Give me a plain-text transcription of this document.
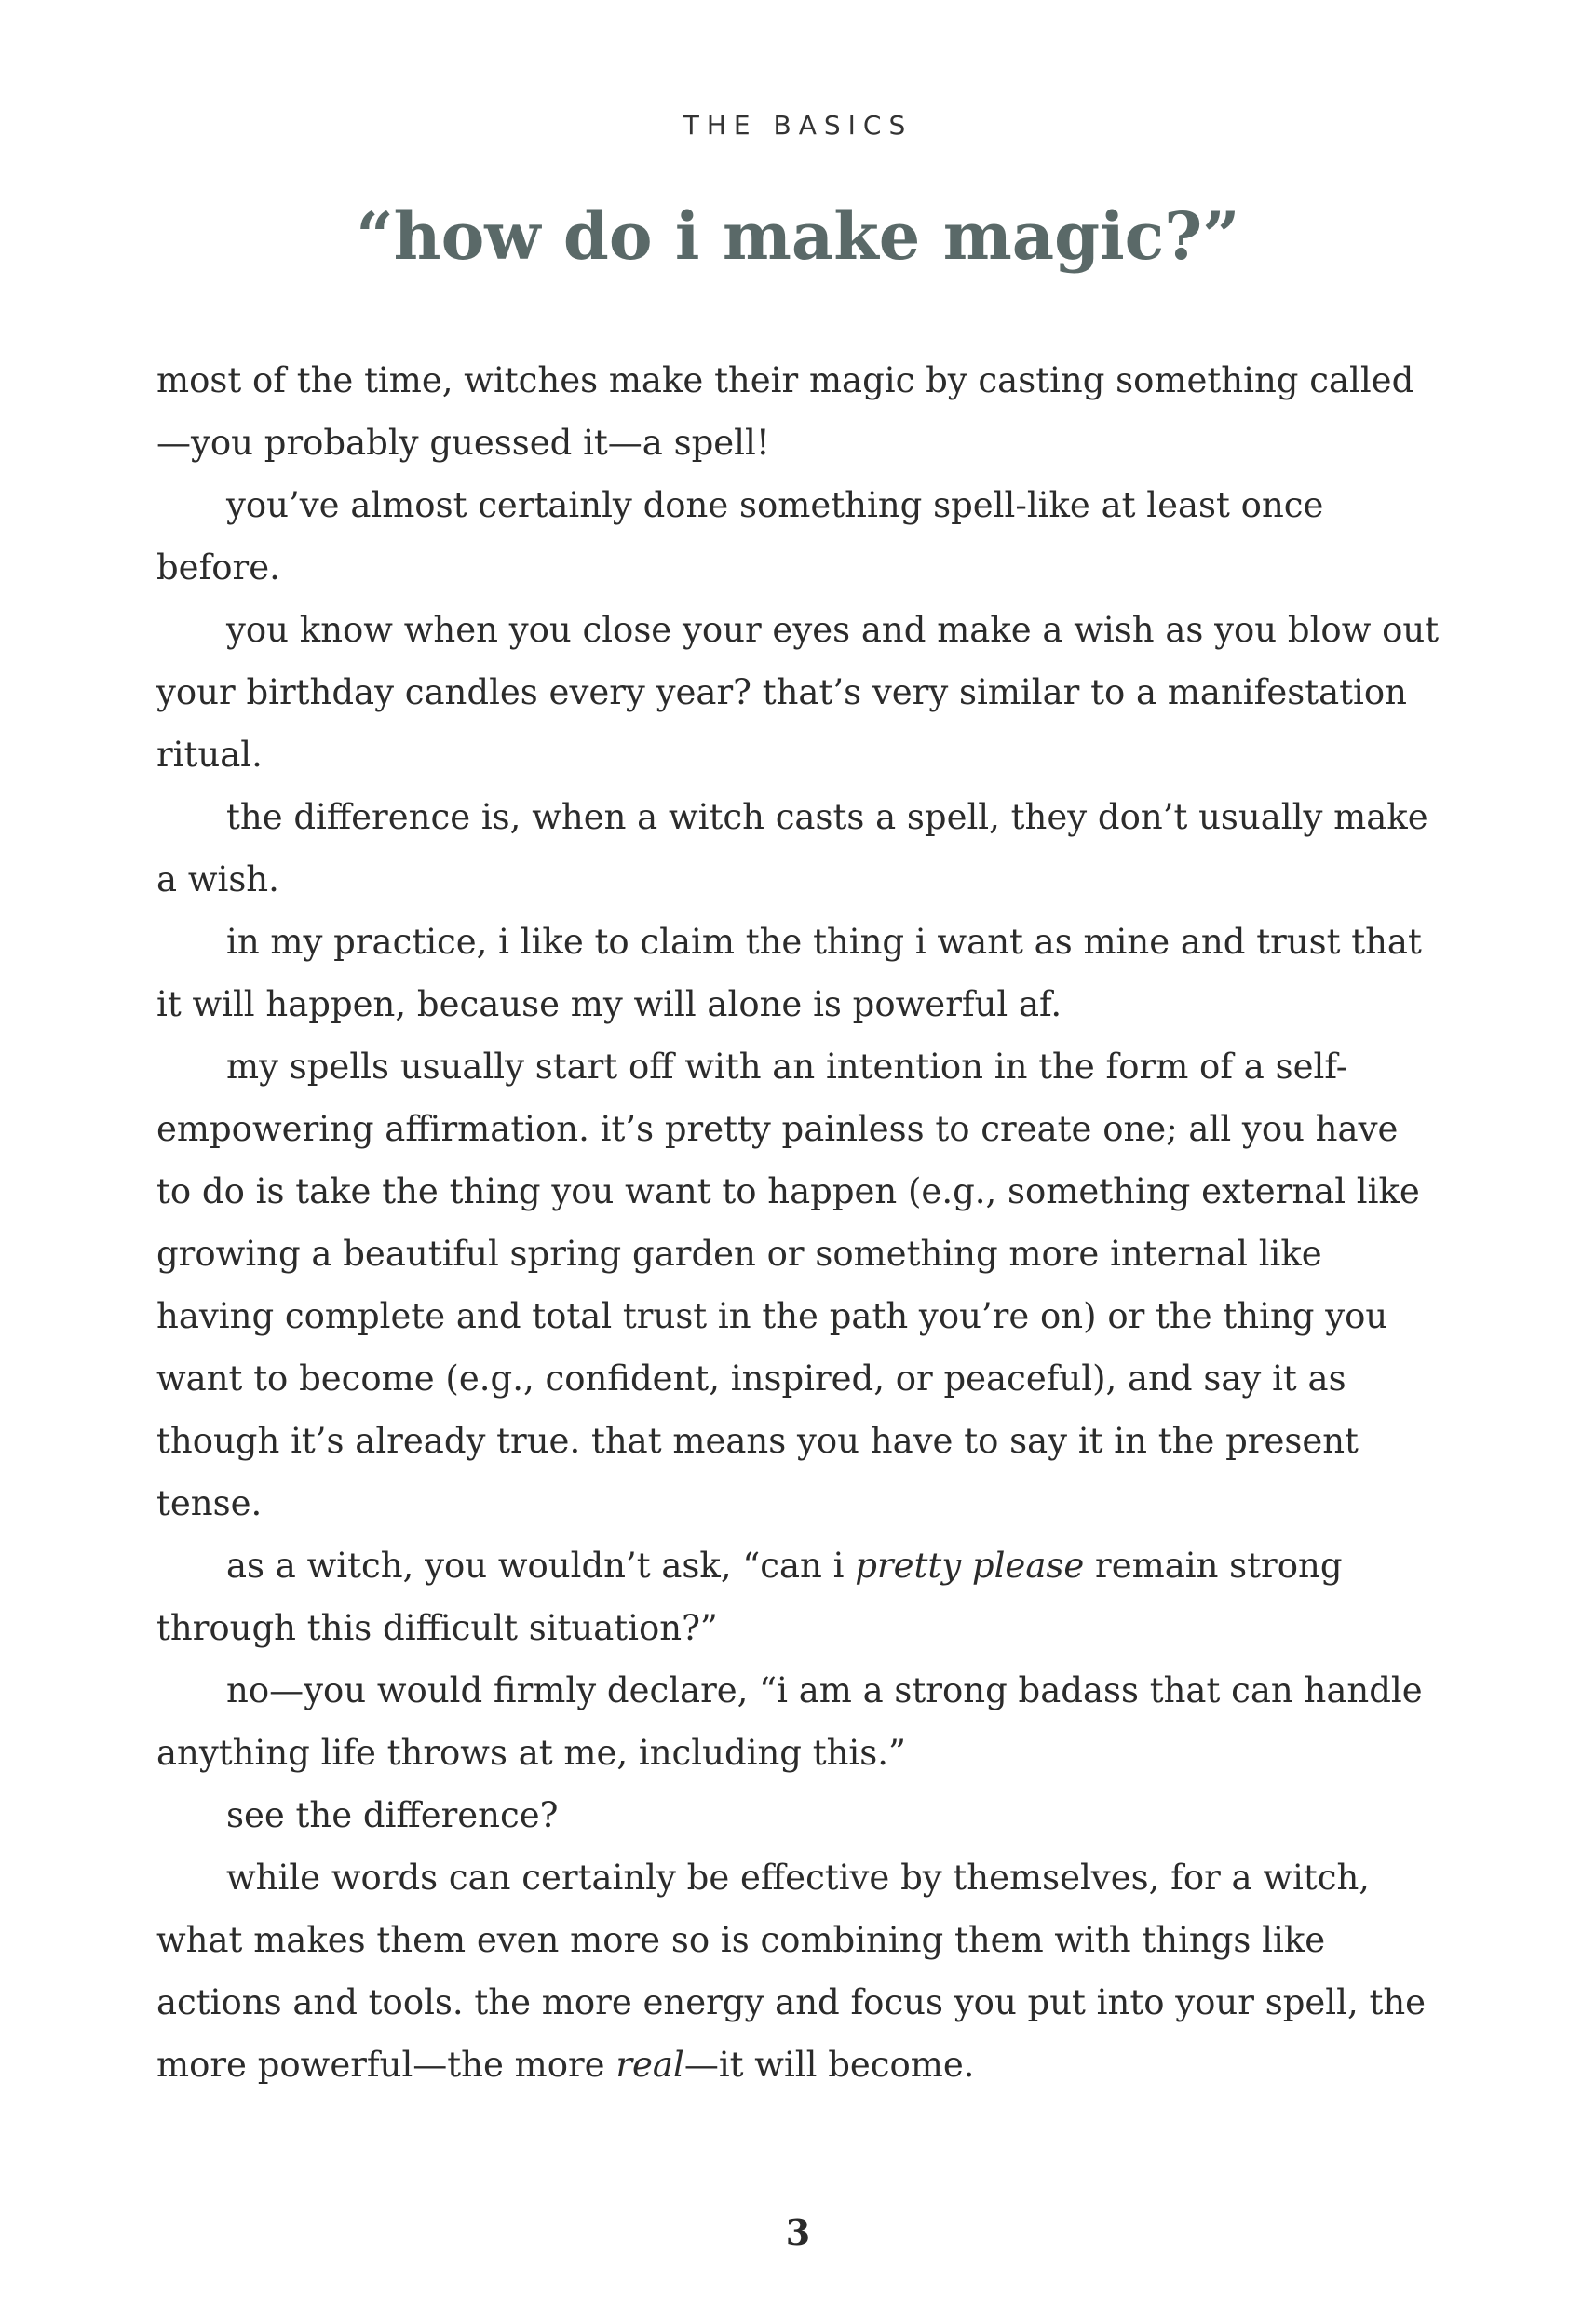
THE BASICS
“how do i make magic?”

most of the time, witches make their magic by casting something called—you probably guessed it—a spell!

you’ve almost certainly done something spell-like at least once before.

you know when you close your eyes and make a wish as you blow out your birthday candles every year? that’s very similar to a manifestation ritual.

the difference is, when a witch casts a spell, they don’t usually make a wish.

in my practice, i like to claim the thing i want as mine and trust that it will happen, because my will alone is powerful af.

my spells usually start off with an intention in the form of a self-empowering affirmation. it’s pretty painless to create one; all you have to do is take the thing you want to happen (e.g., something external like growing a beautiful spring garden or something more internal like having complete and total trust in the path you’re on) or the thing you want to become (e.g., confident, inspired, or peaceful), and say it as though it’s already true. that means you have to say it in the present tense.

as a witch, you wouldn’t ask, “can i pretty please remain strong through this difficult situation?”

no—you would firmly declare, “i am a strong badass that can handle anything life throws at me, including this.”

see the difference?

while words can certainly be effective by themselves, for a witch, what makes them even more so is combining them with things like actions and tools. the more energy and focus you put into your spell, the more powerful—the more real—it will become.

3
